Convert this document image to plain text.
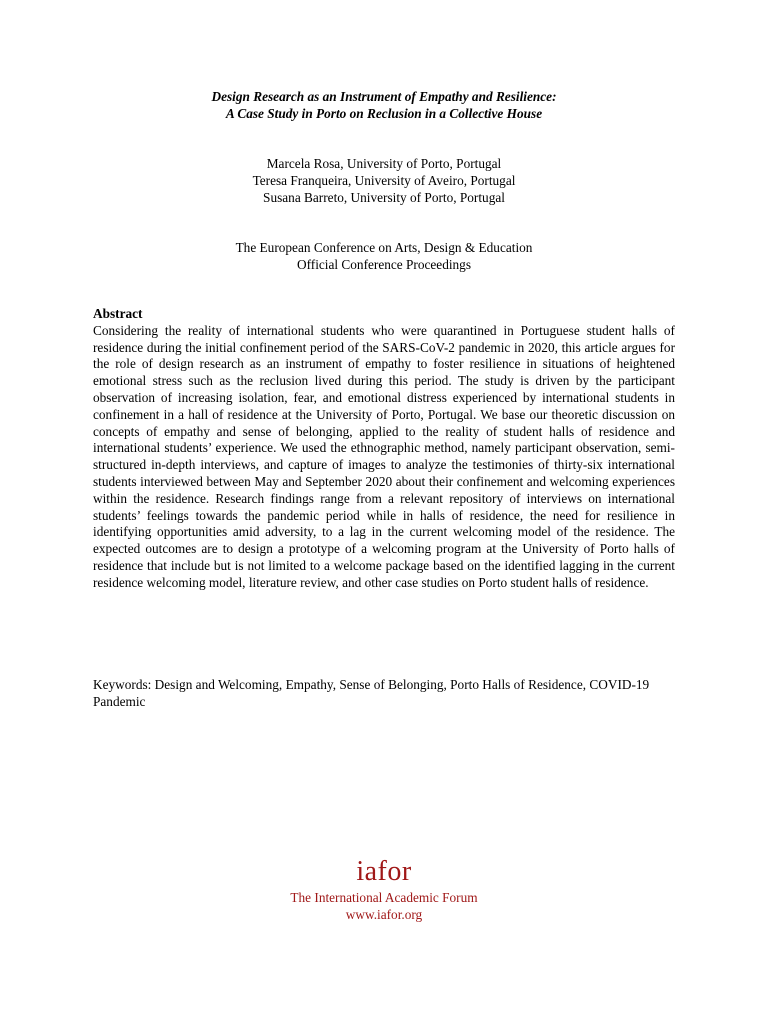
Design Research as an Instrument of Empathy and Resilience:
A Case Study in Porto on Reclusion in a Collective House
Marcela Rosa, University of Porto, Portugal
Teresa Franqueira, University of Aveiro, Portugal
Susana Barreto, University of Porto, Portugal
The European Conference on Arts, Design & Education
Official Conference Proceedings
Abstract

Considering the reality of international students who were quarantined in Portuguese student halls of residence during the initial confinement period of the SARS-CoV-2 pandemic in 2020, this article argues for the role of design research as an instrument of empathy to foster resilience in situations of heightened emotional stress such as the reclusion lived during this period. The study is driven by the participant observation of increasing isolation, fear, and emotional distress experienced by international students in confinement in a hall of residence at the University of Porto, Portugal. We base our theoretic discussion on concepts of empathy and sense of belonging, applied to the reality of student halls of residence and international students’ experience. We used the ethnographic method, namely participant observation, semi-structured in-depth interviews, and capture of images to analyze the testimonies of thirty-six international students interviewed between May and September 2020 about their confinement and welcoming experiences within the residence. Research findings range from a relevant repository of interviews on international students’ feelings towards the pandemic period while in halls of residence, the need for resilience in identifying opportunities amid adversity, to a lag in the current welcoming model of the residence. The expected outcomes are to design a prototype of a welcoming program at the University of Porto halls of residence that include but is not limited to a welcome package based on the identified lagging in the current residence welcoming model, literature review, and other case studies on Porto student halls of residence.

Keywords: Design and Welcoming, Empathy, Sense of Belonging, Porto Halls of Residence, COVID-19 Pandemic
iafor
The International Academic Forum
www.iafor.org
